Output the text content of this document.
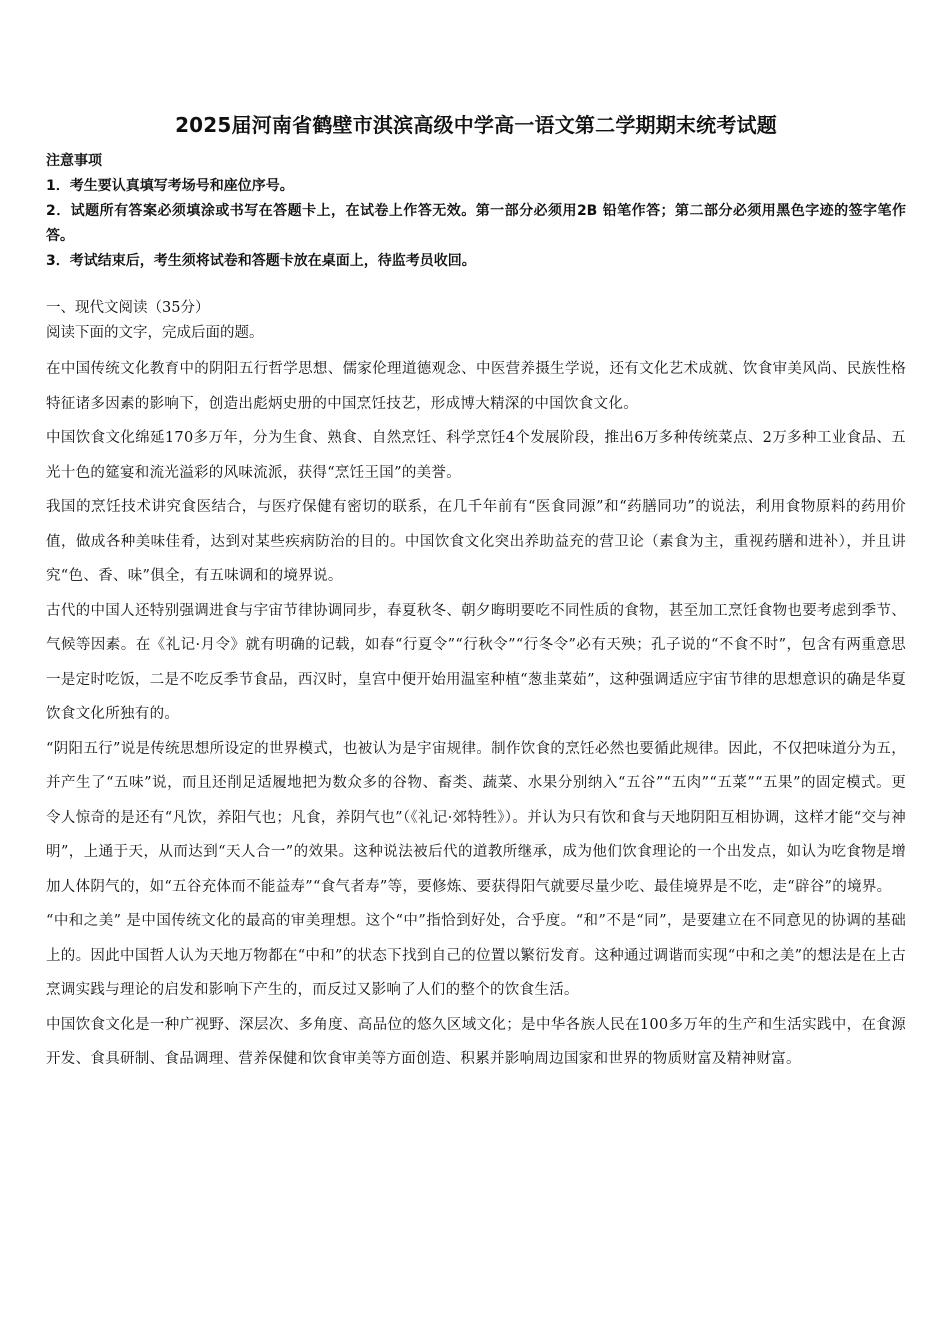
2025届河南省鹤壁市淇滨高级中学高一语文第二学期期末统考试题

注意事项

1．考生要认真填写考场号和座位序号。
2．试题所有答案必须填涂或书写在答题卡上，在试卷上作答无效。第一部分必须用2B 铅笔作答；第二部分必须用黑色字迹的签字笔作答。
3．考试结束后，考生须将试卷和答题卡放在桌面上，待监考员收回。

一、现代文阅读（35分）

阅读下面的文字，完成后面的题。

在中国传统文化教育中的阴阳五行哲学思想、儒家伦理道德观念、中医营养摄生学说，还有文化艺术成就、饮食审美风尚、民族性格特征诸多因素的影响下，创造出彪炳史册的中国烹饪技艺，形成博大精深的中国饮食文化。

中国饮食文化绵延170多万年，分为生食、熟食、自然烹饪、科学烹饪4个发展阶段，推出6万多种传统菜点、2万多种工业食品、五光十色的筵宴和流光溢彩的风味流派，获得“烹饪王国”的美誉。

我国的烹饪技术讲究食医结合，与医疗保健有密切的联系，在几千年前有“医食同源”和“药膳同功”的说法，利用食物原料的药用价值，做成各种美味佳肴，达到对某些疾病防治的目的。中国饮食文化突出养助益充的营卫论（素食为主，重视药膳和进补），并且讲究“色、香、味”俱全，有五味调和的境界说。

古代的中国人还特别强调进食与宇宙节律协调同步，春夏秋冬、朝夕晦明要吃不同性质的食物，甚至加工烹饪食物也要考虑到季节、气候等因素。在《礼记·月令》就有明确的记载，如春“行夏令”“行秋令”“行冬令”必有天殃；孔子说的“不食不时”，包含有两重意思一是定时吃饭，二是不吃反季节食品，西汉时，皇宫中便开始用温室种植“葱韭菜茹”，这种强调适应宇宙节律的思想意识的确是华夏饮食文化所独有的。

“阴阳五行”说是传统思想所设定的世界模式，也被认为是宇宙规律。制作饮食的烹饪必然也要循此规律。因此，不仅把味道分为五，并产生了“五味”说，而且还削足适履地把为数众多的谷物、畜类、蔬菜、水果分别纳入“五谷”“五肉”“五菜”“五果”的固定模式。更令人惊奇的是还有“凡饮，养阳气也；凡食，养阴气也”（《礼记·郊特牲》）。并认为只有饮和食与天地阴阳互相协调，这样才能“交与神明”，上通于天，从而达到“天人合一”的效果。这种说法被后代的道教所继承，成为他们饮食理论的一个出发点，如认为吃食物是增加人体阴气的，如“五谷充体而不能益寿”“食气者寿”等，要修炼、要获得阳气就要尽量少吃、最佳境界是不吃，走“辟谷”的境界。

“中和之美” 是中国传统文化的最高的审美理想。这个“中”指恰到好处，合乎度。“和”不是“同”，是要建立在不同意见的协调的基础上的。因此中国哲人认为天地万物都在“中和”的状态下找到自己的位置以繁衍发育。这种通过调谐而实现“中和之美”的想法是在上古烹调实践与理论的启发和影响下产生的，而反过又影响了人们的整个的饮食生活。

中国饮食文化是一种广视野、深层次、多角度、高品位的悠久区域文化；是中华各族人民在100多万年的生产和生活实践中，在食源开发、食具研制、食品调理、营养保健和饮食审美等方面创造、积累并影响周边国家和世界的物质财富及精神财富。
